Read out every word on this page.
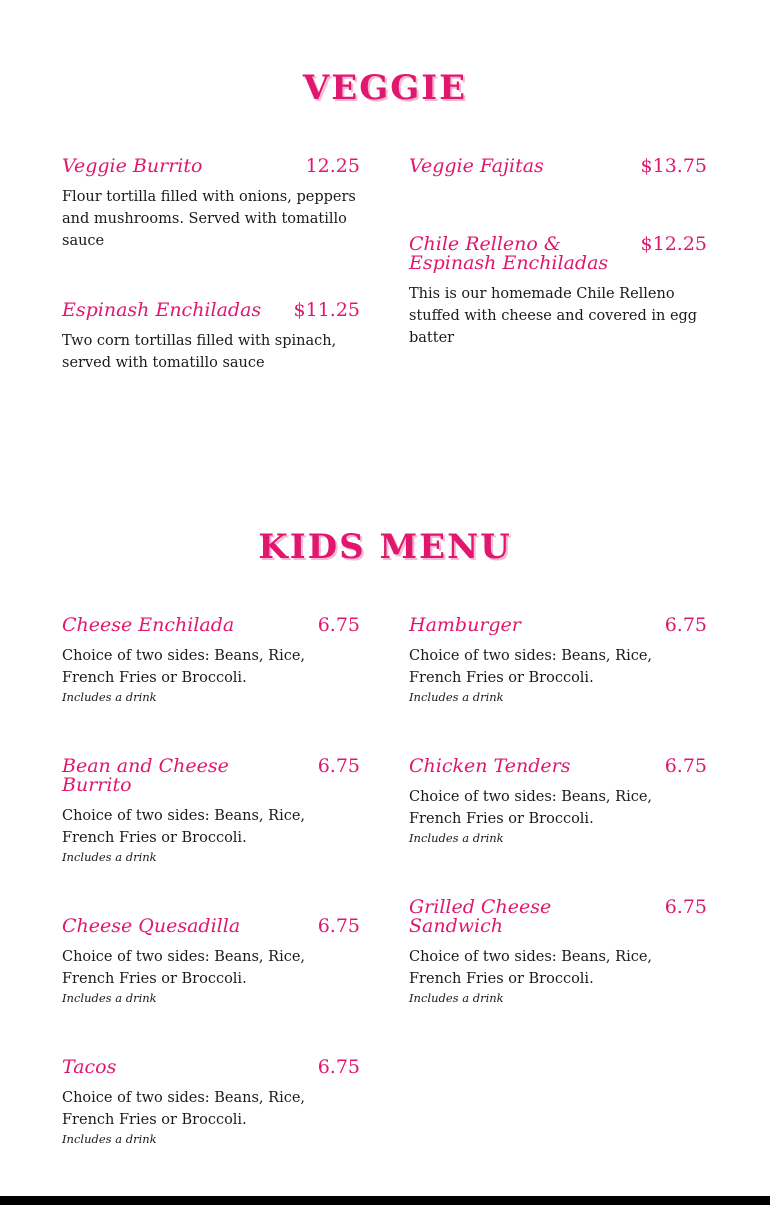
VEGGIE
Veggie Burrito	12.25
Flour tortilla filled with onions, peppers and mushrooms. Served with tomatillo sauce
Espinash Enchiladas $11.25
Two corn tortillas filled with spinach, served with tomatillo sauce
Veggie Fajitas	$13.75
Chile Relleno & Espinash Enchiladas
$12.25
This is our homemade Chile Relleno stuffed with cheese and covered in egg batter
KIDS MENU
Cheese Enchilada	6.75
Choice of two sides: Beans, Rice, French Fries or Broccoli.
Includes a drink
Bean and Cheese Burrito
6.75
Choice of two sides: Beans, Rice, French Fries or Broccoli.
Includes a drink
Cheese Quesadilla	6.75
Choice of two sides: Beans, Rice, French Fries or Broccoli.
Includes a drink
Tacos	6.75
Choice of two sides: Beans, Rice, French Fries or Broccoli.
Includes a drink
Hamburger	6.75
Choice of two sides: Beans, Rice, French Fries or Broccoli.
Includes a drink
Chicken Tenders	6.75
Choice of two sides: Beans, Rice, French Fries or Broccoli.
Includes a drink
Grilled Cheese Sandwich
6.75
Choice of two sides: Beans, Rice, French Fries or Broccoli.
Includes a drink
